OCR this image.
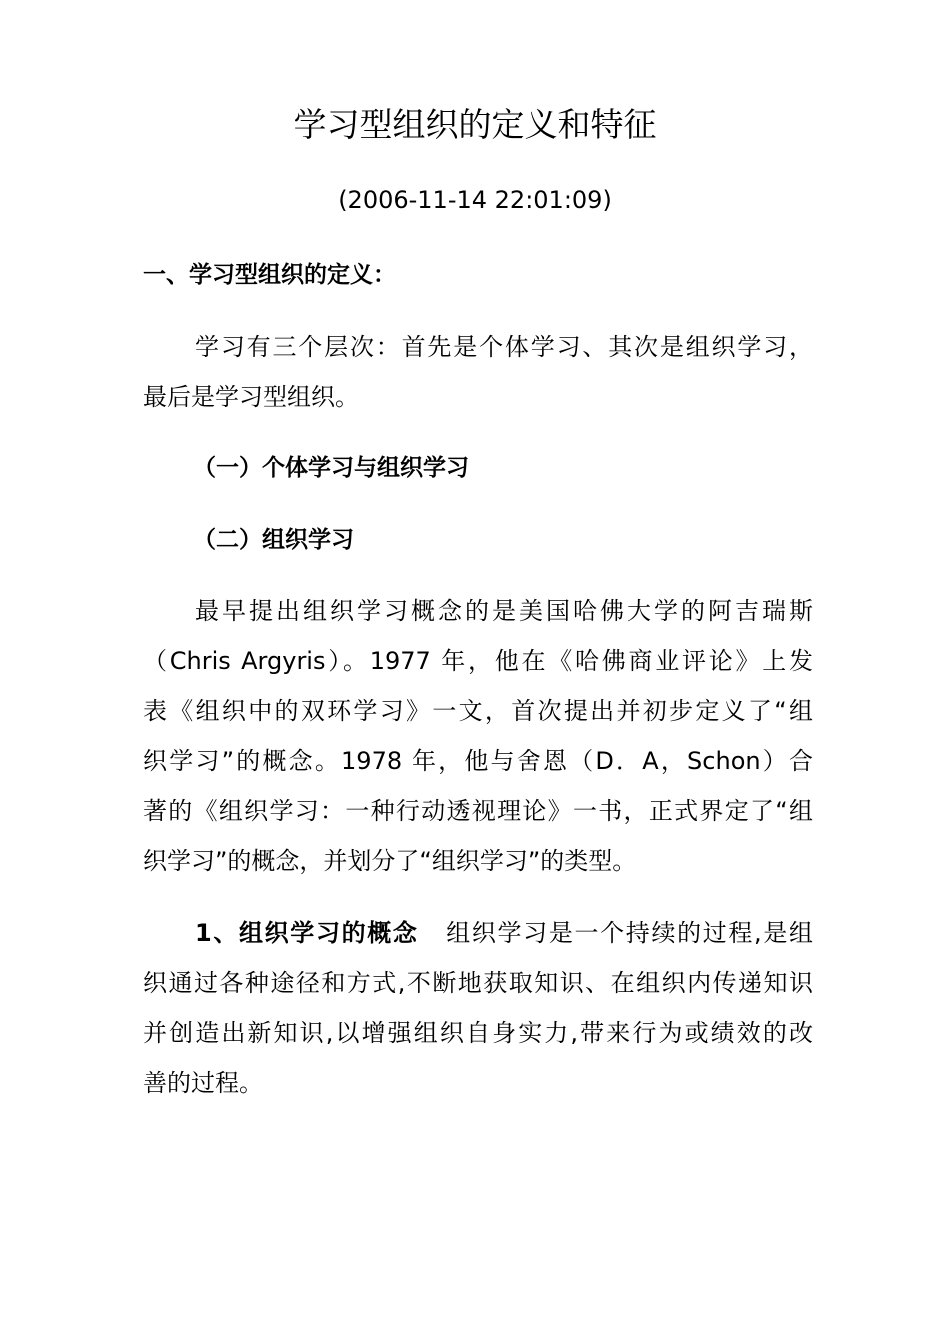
学习型组织的定义和特征
(2006-11-14 22:01:09)
一、学习型组织的定义：
学习有三个层次：首先是个体学习、其次是组织学习，
最后是学习型组织。
（一）个体学习与组织学习
（二）组织学习
最早提出组织学习概念的是美国哈佛大学的阿吉瑞斯
（Chris Argyris）。1977 年，他在《哈佛商业评论》上发
表《组织中的双环学习》一文，首次提出并初步定义了“组
织学习”的概念。1978 年，他与舍恩（D．A，Schon）合
著的《组织学习：一种行动透视理论》一书，正式界定了“组
织学习”的概念，并划分了“组织学习”的类型。
1、组织学习的概念 组织学习是一个持续的过程,是组
织通过各种途径和方式,不断地获取知识、在组织内传递知识
并创造出新知识,以增强组织自身实力,带来行为或绩效的改
善的过程。
